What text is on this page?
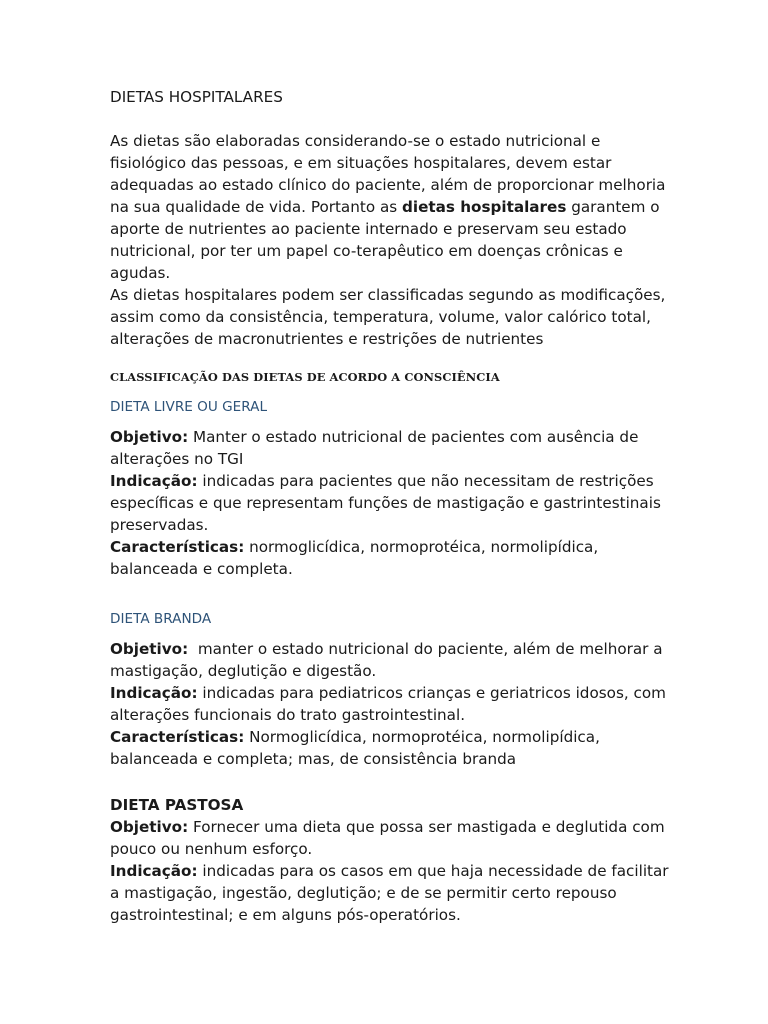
DIETAS HOSPITALARES

As dietas são elaboradas considerando-se o estado nutricional e fisiológico das pessoas, e em situações hospitalares, devem estar adequadas ao estado clínico do paciente, além de proporcionar melhoria na sua qualidade de vida. Portanto as dietas hospitalares garantem o aporte de nutrientes ao paciente internado e preservam seu estado nutricional, por ter um papel co-terapêutico em doenças crônicas e agudas.

As dietas hospitalares podem ser classificadas segundo as modificações, assim como da consistência, temperatura, volume, valor calórico total, alterações de macronutrientes e restrições de nutrientes

CLASSIFICAÇÃO DAS DIETAS DE ACORDO A CONSCIÊNCIA
DIETA LIVRE OU GERAL

Objetivo: Manter o estado nutricional de pacientes com ausência de alterações no TGI

Indicação: indicadas para pacientes que não necessitam de restrições específicas e que representam funções de mastigação e gastrintestinais preservadas.

Características: normoglicídica, normoprotéica, normolipídica, balanceada e completa.

DIETA BRANDA

Objetivo:  manter o estado nutricional do paciente, além de melhorar a mastigação, deglutição e digestão.

Indicação: indicadas para pediatricos crianças e geriatricos idosos, com alterações funcionais do trato gastrointestinal.

Características: Normoglicídica, normoprotéica, normolipídica, balanceada e completa; mas, de consistência branda

DIETA PASTOSA

Objetivo: Fornecer uma dieta que possa ser mastigada e deglutida com pouco ou nenhum esforço.

Indicação: indicadas para os casos em que haja necessidade de facilitar a mastigação, ingestão, deglutição; e de se permitir certo repouso gastrointestinal; e em alguns pós-operatórios.
